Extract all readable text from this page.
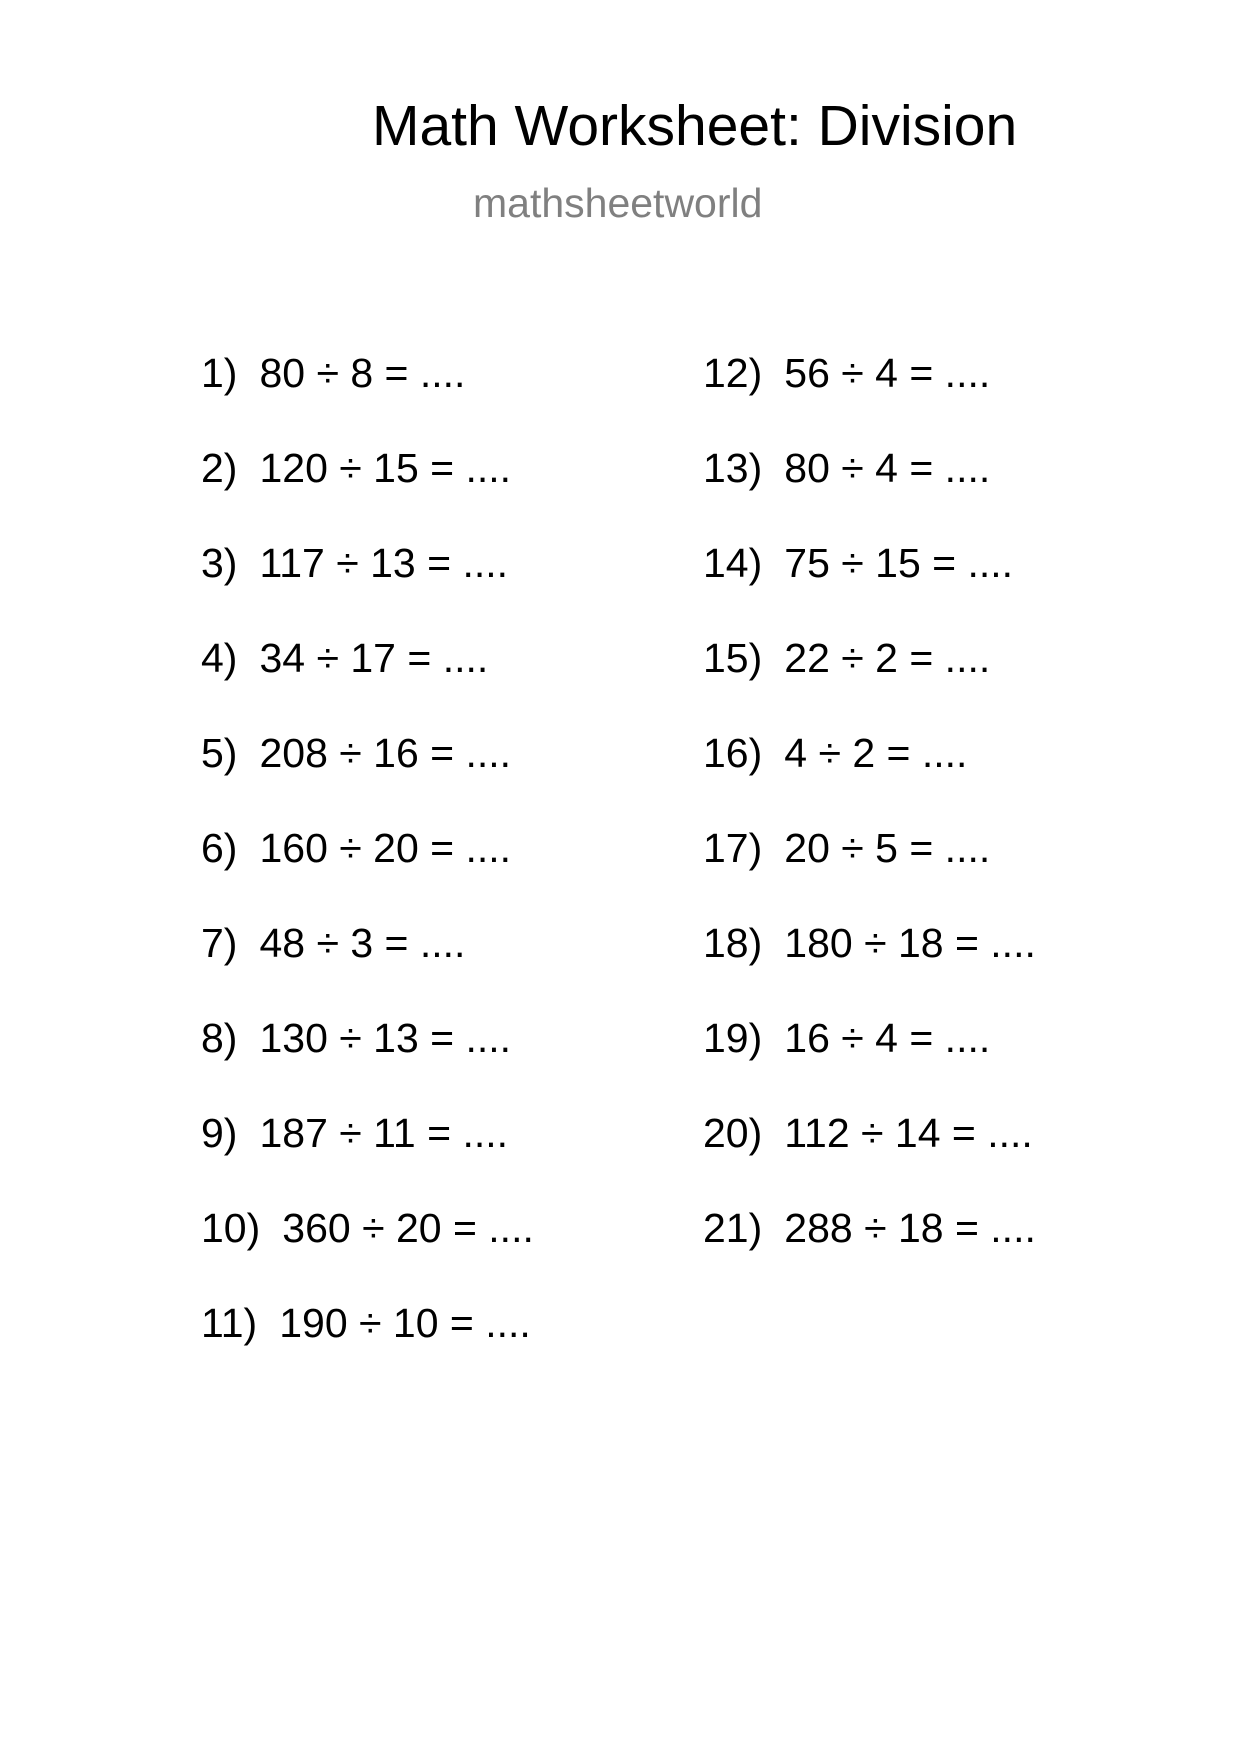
Math Worksheet: Division
mathsheetworld
1) 80 ÷ 8 = ....
2) 120 ÷ 15 = ....
3) 117 ÷ 13 = ....
4) 34 ÷ 17 = ....
5) 208 ÷ 16 = ....
6) 160 ÷ 20 = ....
7) 48 ÷ 3 = ....
8) 130 ÷ 13 = ....
9) 187 ÷ 11 = ....
10) 360 ÷ 20 = ....
11) 190 ÷ 10 = ....
12) 56 ÷ 4 = ....
13) 80 ÷ 4 = ....
14) 75 ÷ 15 = ....
15) 22 ÷ 2 = ....
16) 4 ÷ 2 = ....
17) 20 ÷ 5 = ....
18) 180 ÷ 18 = ....
19) 16 ÷ 4 = ....
20) 112 ÷ 14 = ....
21) 288 ÷ 18 = ....
